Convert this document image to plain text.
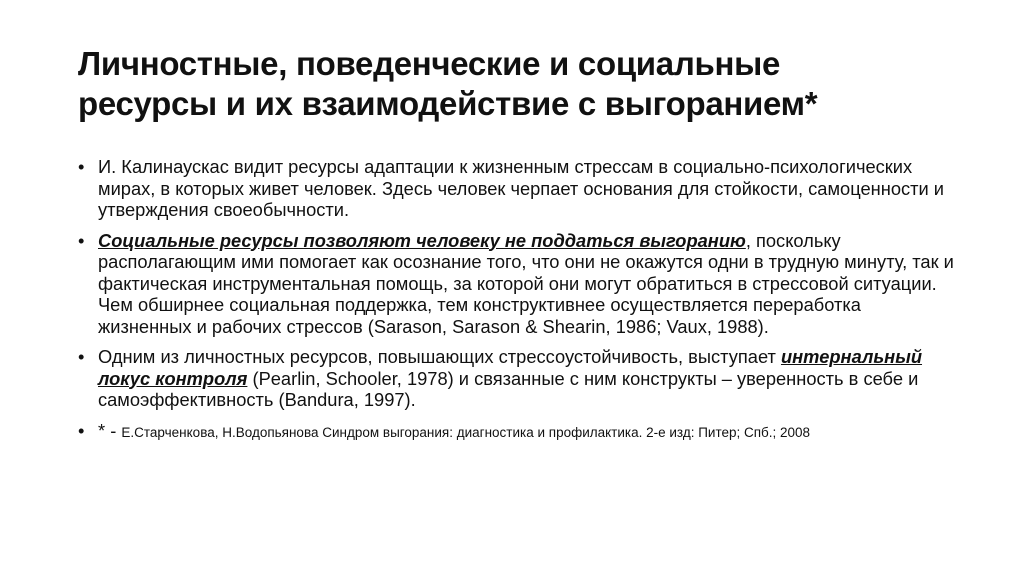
Личностные, поведенческие и социальные
ресурсы и их взаимодействие с выгоранием*
• И. Калинаускас видит ресурсы адаптации к жизненным стрессам в социально-психологических мирах, в которых живет человек. Здесь человек черпает основания для стойкости, самоценности и утверждения своеобычности.
• Социальные ресурсы позволяют человеку не поддаться выгоранию, поскольку располагающим ими помогает как осознание того, что они не окажутся одни в трудную минуту, так и фактическая инструментальная помощь, за которой они могут обратиться в стрессовой ситуации. Чем обширнее социальная поддержка, тем конструктивнее осуществляется переработка жизненных и рабочих стрессов (Sarason, Sarason & Shearin, 1986; Vaux, 1988).
• Одним из личностных ресурсов, повышающих стрессоустойчивость, выступает интернальный локус контроля (Pearlin, Schooler, 1978) и связанные с ним конструкты – уверенность в себе и самоэффективность (Bandura, 1997).
• * - Е.Старченкова, Н.Водопьянова Синдром выгорания: диагностика и профилактика. 2-е изд: Питер; Спб.; 2008
